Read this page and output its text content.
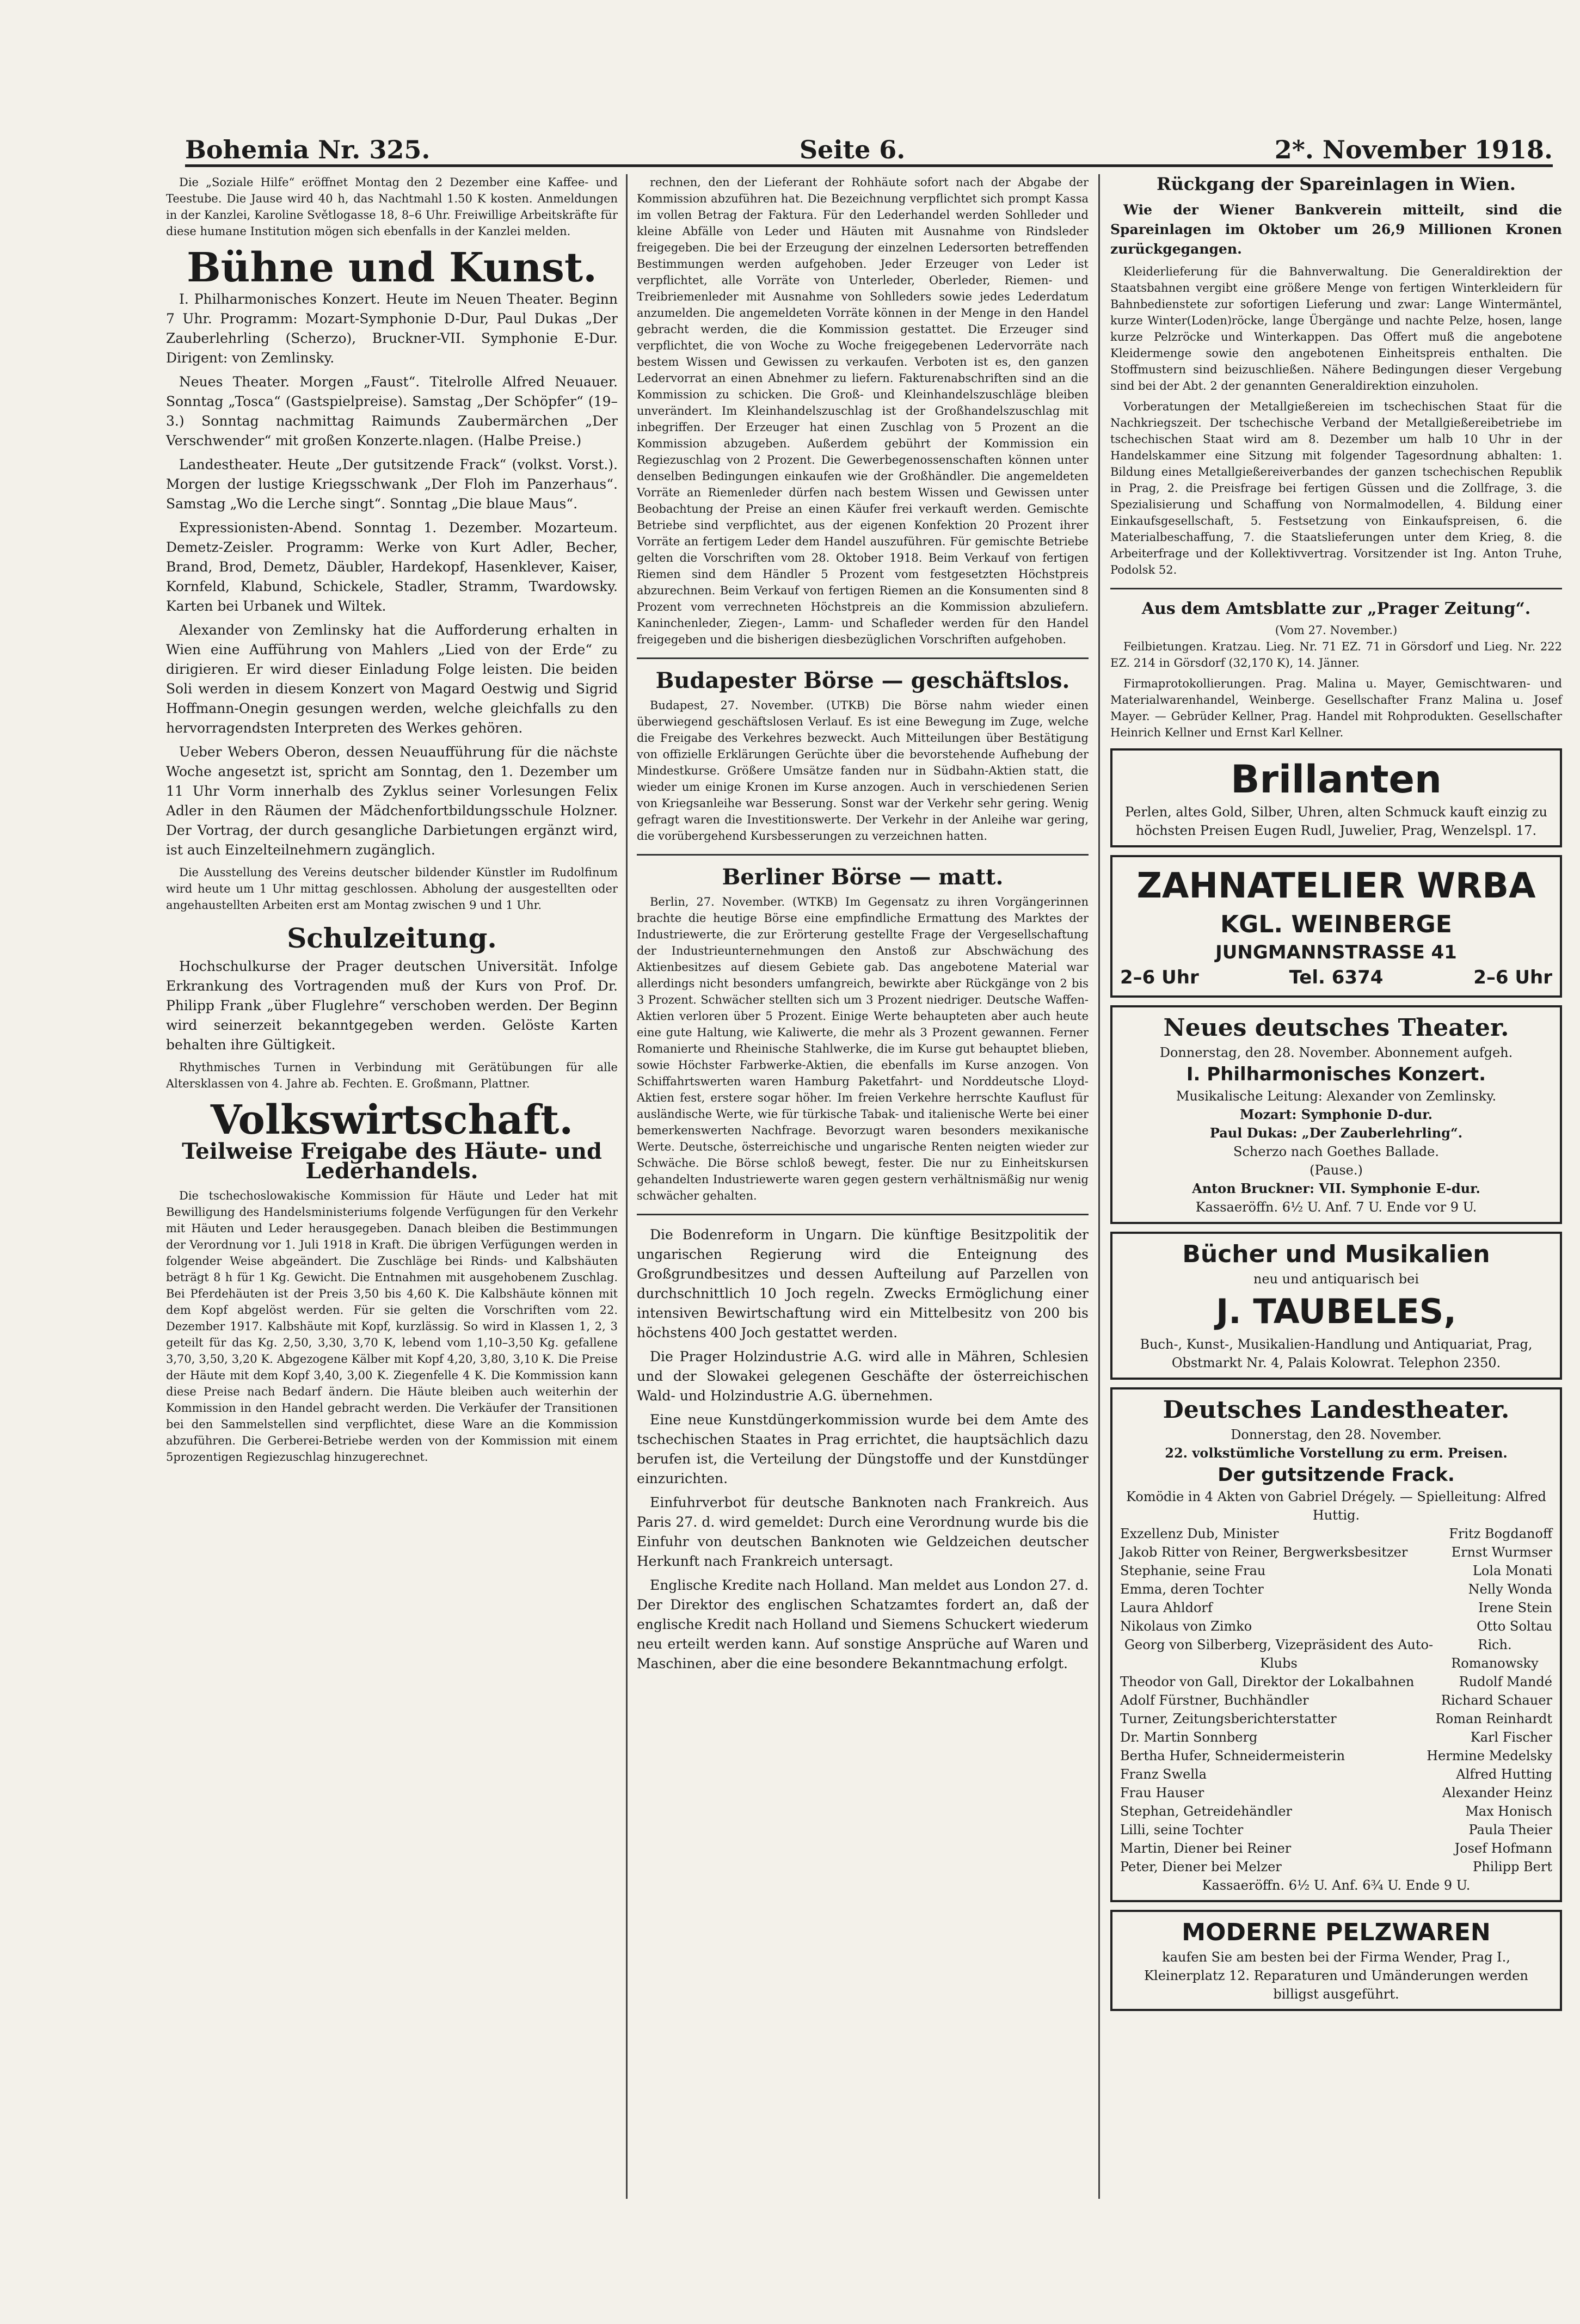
Bohemia Nr. 325.	Seite 6.	2*. November 1918.

Die „Soziale Hilfe“ eröffnet Montag den 2 Dezember eine Kaffee- und Teestube. Die Jause wird 40 h, das Nachtmahl 1.50 K kosten. Anmeldungen in der Kanzlei, Karoline Světlogasse 18, 8–6 Uhr. Freiwillige Arbeitskräfte für diese humane Institution mögen sich ebenfalls in der Kanzlei melden.

Bühne und Kunst.

I. Philharmonisches Konzert. Heute im Neuen Theater. Beginn 7 Uhr. Programm: Mozart-Symphonie D-Dur, Paul Dukas „Der Zauberlehrling (Scherzo), Bruckner-VII. Symphonie E-Dur. Dirigent: von Zemlinsky.

Neues Theater. Morgen „Faust“. Titelrolle Alfred Neuauer. Sonntag „Tosca“ (Gastspielpreise). Samstag „Der Schöpfer“ (19–3.) Sonntag nachmittag Raimunds Zaubermärchen „Der Verschwender“ mit großen Konzerte.nlagen. (Halbe Preise.)

Landestheater. Heute „Der gutsitzende Frack“ (volkst. Vorst.). Morgen der lustige Kriegsschwank „Der Floh im Panzerhaus“. Samstag „Wo die Lerche singt“. Sonntag „Die blaue Maus“.

Expressionisten-Abend. Sonntag 1. Dezember. Mozarteum. Demetz-Zeisler. Programm: Werke von Kurt Adler, Becher, Brand, Brod, Demetz, Däubler, Hardekopf, Hasenklever, Kaiser, Kornfeld, Klabund, Schickele, Stadler, Stramm, Twardowsky. Karten bei Urbanek und Wiltek.

Alexander von Zemlinsky hat die Aufforderung erhalten in Wien eine Aufführung von Mahlers „Lied von der Erde“ zu dirigieren. Er wird dieser Einladung Folge leisten. Die beiden Soli werden in diesem Konzert von Magard Oestwig und Sigrid Hoffmann-Onegin gesungen werden, welche gleichfalls zu den hervorragendsten Interpreten des Werkes gehören.

Ueber Webers Oberon, dessen Neuaufführung für die nächste Woche angesetzt ist, spricht am Sonntag, den 1. Dezember um 11 Uhr Vorm innerhalb des Zyklus seiner Vorlesungen Felix Adler in den Räumen der Mädchenfortbildungsschule Holzner. Der Vortrag, der durch gesangliche Darbietungen ergänzt wird, ist auch Einzelteilnehmern zugänglich.

Die Ausstellung des Vereins deutscher bildender Künstler im Rudolfinum wird heute um 1 Uhr mittag geschlossen. Abholung der ausgestellten oder angehaustellten Arbeiten erst am Montag zwischen 9 und 1 Uhr.

Schulzeitung.

Hochschulkurse der Prager deutschen Universität. Infolge Erkrankung des Vortragenden muß der Kurs von Prof. Dr. Philipp Frank „über Fluglehre“ verschoben werden. Der Beginn wird seinerzeit bekanntgegeben werden. Gelöste Karten behalten ihre Gültigkeit.

Rhythmisches Turnen in Verbindung mit Gerätübungen für alle Altersklassen von 4. Jahre ab. Fechten. E. Großmann, Plattner.

Volkswirtschaft.
Teilweise Freigabe des Häute- und Lederhandels.

Die tschechoslowakische Kommission für Häute und Leder hat mit Bewilligung des Handelsministeriums folgende Verfügungen für den Verkehr mit Häuten und Leder herausgegeben. Danach bleiben die Bestimmungen der Verordnung vor 1. Juli 1918 in Kraft. Die übrigen Verfügungen werden in folgender Weise abgeändert. Die Zuschläge bei Rinds- und Kalbshäuten beträgt 8 h für 1 Kg. Gewicht. Die Entnahmen mit ausgehobenem Zuschlag. Bei Pferdehäuten ist der Preis 3,50 bis 4,60 K. Die Kalbshäute können mit dem Kopf abgelöst werden. Für sie gelten die Vorschriften vom 22. Dezember 1917. Kalbshäute mit Kopf, kurzlässig. So wird in Klassen 1, 2, 3 geteilt für das Kg. 2,50, 3,30, 3,70 K, lebend vom 1,10–3,50 Kg. gefallene 3,70, 3,50, 3,20 K. Abgezogene Kälber mit Kopf 4,20, 3,80, 3,10 K. Die Preise der Häute mit dem Kopf 3,40, 3,00 K. Ziegenfelle 4 K. Die Kommission kann diese Preise nach Bedarf ändern. Die Häute bleiben auch weiterhin der Kommission in den Handel gebracht werden. Die Verkäufer der Transitionen bei den Sammelstellen sind verpflichtet, diese Ware an die Kommission abzuführen. Die Gerberei-Betriebe werden von der Kommission mit einem 5prozentigen Regiezuschlag hinzugerechnet.

rechnen, den der Lieferant der Rohhäute sofort nach der Abgabe der Kommission abzuführen hat. Die Bezeichnung verpflichtet sich prompt Kassa im vollen Betrag der Faktura. Für den Lederhandel werden Sohlleder und kleine Abfälle von Leder und Häuten mit Ausnahme von Rindsleder freigegeben. Die bei der Erzeugung der einzelnen Ledersorten betreffenden Bestimmungen werden aufgehoben. Jeder Erzeuger von Leder ist verpflichtet, alle Vorräte von Unterleder, Oberleder, Riemen- und Treibriemenleder mit Ausnahme von Sohlleders sowie jedes Lederdatum anzumelden. Die angemeldeten Vorräte können in der Menge in den Handel gebracht werden, die die Kommission gestattet. Die Erzeuger sind verpflichtet, die von Woche zu Woche freigegebenen Ledervorräte nach bestem Wissen und Gewissen zu verkaufen. Verboten ist es, den ganzen Ledervorrat an einen Abnehmer zu liefern. Fakturenabschriften sind an die Kommission zu schicken. Die Groß- und Kleinhandelszuschläge bleiben unverändert. Im Kleinhandelszuschlag ist der Großhandelszuschlag mit inbegriffen. Der Erzeuger hat einen Zuschlag von 5 Prozent an die Kommission abzugeben. Außerdem gebührt der Kommission ein Regiezuschlag von 2 Prozent. Die Gewerbegenossenschaften können unter denselben Bedingungen einkaufen wie der Großhändler. Die angemeldeten Vorräte an Riemenleder dürfen nach bestem Wissen und Gewissen unter Beobachtung der Preise an einen Käufer frei verkauft werden. Gemischte Betriebe sind verpflichtet, aus der eigenen Konfektion 20 Prozent ihrer Vorräte an fertigem Leder dem Handel auszuführen. Für gemischte Betriebe gelten die Vorschriften vom 28. Oktober 1918. Beim Verkauf von fertigen Riemen sind dem Händler 5 Prozent vom festgesetzten Höchstpreis abzurechnen. Beim Verkauf von fertigen Riemen an die Konsumenten sind 8 Prozent vom verrechneten Höchstpreis an die Kommission abzuliefern. Kaninchenleder, Ziegen-, Lamm- und Schafleder werden für den Handel freigegeben und die bisherigen diesbezüglichen Vorschriften aufgehoben.

Budapester Börse — geschäftslos.

Budapest, 27. November. (UTKB) Die Börse nahm wieder einen überwiegend geschäftslosen Verlauf. Es ist eine Bewegung im Zuge, welche die Freigabe des Verkehres bezweckt. Auch Mitteilungen über Bestätigung von offizielle Erklärungen Gerüchte über die bevorstehende Aufhebung der Mindestkurse. Größere Umsätze fanden nur in Südbahn-Aktien statt, die wieder um einige Kronen im Kurse anzogen. Auch in verschiedenen Serien von Kriegsanleihe war Besserung. Sonst war der Verkehr sehr gering. Wenig gefragt waren die Investitionswerte. Der Verkehr in der Anleihe war gering, die vorübergehend Kursbesserungen zu verzeichnen hatten.

Berliner Börse — matt.

Berlin, 27. November. (WTKB) Im Gegensatz zu ihren Vorgängerinnen brachte die heutige Börse eine empfindliche Ermattung des Marktes der Industriewerte, die zur Erörterung gestellte Frage der Vergesellschaftung der Industrieunternehmungen den Anstoß zur Abschwächung des Aktienbesitzes auf diesem Gebiete gab. Das angebotene Material war allerdings nicht besonders umfangreich, bewirkte aber Rückgänge von 2 bis 3 Prozent. Schwächer stellten sich um 3 Prozent niedriger. Deutsche Waffen-Aktien verloren über 5 Prozent. Einige Werte behaupteten aber auch heute eine gute Haltung, wie Kaliwerte, die mehr als 3 Prozent gewannen. Ferner Romanierte und Rheinische Stahlwerke, die im Kurse gut behauptet blieben, sowie Höchster Farbwerke-Aktien, die ebenfalls im Kurse anzogen. Von Schiffahrtswerten waren Hamburg Paketfahrt- und Norddeutsche Lloyd-Aktien fest, erstere sogar höher. Im freien Verkehre herrschte Kauflust für ausländische Werte, wie für türkische Tabak- und italienische Werte bei einer bemerkenswerten Nachfrage. Bevorzugt waren besonders mexikanische Werte. Deutsche, österreichische und ungarische Renten neigten wieder zur Schwäche. Die Börse schloß bewegt, fester. Die nur zu Einheitskursen gehandelten Industriewerte waren gegen gestern verhältnismäßig nur wenig schwächer gehalten.

Die Bodenreform in Ungarn. Die künftige Besitzpolitik der ungarischen Regierung wird die Enteignung des Großgrundbesitzes und dessen Aufteilung auf Parzellen von durchschnittlich 10 Joch regeln. Zwecks Ermöglichung einer intensiven Bewirtschaftung wird ein Mittelbesitz von 200 bis höchstens 400 Joch gestattet werden.

Die Prager Holzindustrie A.G. wird alle in Mähren, Schlesien und der Slowakei gelegenen Geschäfte der österreichischen Wald- und Holzindustrie A.G. übernehmen.

Eine neue Kunstdüngerkommission wurde bei dem Amte des tschechischen Staates in Prag errichtet, die hauptsächlich dazu berufen ist, die Verteilung der Düngstoffe und der Kunstdünger einzurichten.

Einfuhrverbot für deutsche Banknoten nach Frankreich. Aus Paris 27. d. wird gemeldet: Durch eine Verordnung wurde bis die Einfuhr von deutschen Banknoten wie Geldzeichen deutscher Herkunft nach Frankreich untersagt.

Englische Kredite nach Holland. Man meldet aus London 27. d. Der Direktor des englischen Schatzamtes fordert an, daß der englische Kredit nach Holland und Siemens Schuckert wiederum neu erteilt werden kann. Auf sonstige Ansprüche auf Waren und Maschinen, aber die eine besondere Bekanntmachung erfolgt.

Rückgang der Spareinlagen in Wien.

Wie der Wiener Bankverein mitteilt, sind die Spareinlagen im Oktober um 26,9 Millionen Kronen zurückgegangen.

Kleiderlieferung für die Bahnverwaltung. Die Generaldirektion der Staatsbahnen vergibt eine größere Menge von fertigen Winterkleidern für Bahnbedienstete zur sofortigen Lieferung und zwar: Lange Wintermäntel, kurze Winter(Loden)röcke, lange Übergänge und nachte Pelze, hosen, lange kurze Pelzröcke und Winterkappen. Das Offert muß die angebotene Kleidermenge sowie den angebotenen Einheitspreis enthalten. Die Stoffmustern sind beizuschließen. Nähere Bedingungen dieser Vergebung sind bei der Abt. 2 der genannten Generaldirektion einzuholen.

Vorberatungen der Metallgießereien im tschechischen Staat für die Nachkriegszeit. Der tschechische Verband der Metallgießereibetriebe im tschechischen Staat wird am 8. Dezember um halb 10 Uhr in der Handelskammer eine Sitzung mit folgender Tagesordnung abhalten: 1. Bildung eines Metallgießereiverbandes der ganzen tschechischen Republik in Prag, 2. die Preisfrage bei fertigen Güssen und die Zollfrage, 3. die Spezialisierung und Schaffung von Normalmodellen, 4. Bildung einer Einkaufsgesellschaft, 5. Festsetzung von Einkaufspreisen, 6. die Materialbeschaffung, 7. die Staatslieferungen unter dem Krieg, 8. die Arbeiterfrage und der Kollektivvertrag. Vorsitzender ist Ing. Anton Truhe, Podolsk 52.

Aus dem Amtsblatte zur „Prager Zeitung“.
(Vom 27. November.)

Feilbietungen. Kratzau. Lieg. Nr. 71 EZ. 71 in Görsdorf und Lieg. Nr. 222 EZ. 214 in Görsdorf (32,170 K), 14. Jänner.

Firmaprotokollierungen. Prag. Malina u. Mayer, Gemischtwaren- und Materialwarenhandel, Weinberge. Gesellschafter Franz Malina u. Josef Mayer. — Gebrüder Kellner, Prag. Handel mit Rohprodukten. Gesellschafter Heinrich Kellner und Ernst Karl Kellner.

Brillanten
Perlen, altes Gold, Silber, Uhren, alten Schmuck kauft einzig zu höchsten Preisen Eugen Rudl, Juwelier, Prag, Wenzelspl. 17.
ZAHNATELIER WRBA
KGL. WEINBERGE
JUNGMANNSTRASSE 41
2–6 Uhr	Tel. 6374	2–6 Uhr
Neues deutsches Theater.
Donnerstag, den 28. November. Abonnement aufgeh.
I. Philharmonisches Konzert.
Musikalische Leitung: Alexander von Zemlinsky.
Mozart: Symphonie D-dur.
Paul Dukas: „Der Zauberlehrling“.
Scherzo nach Goethes Ballade.
(Pause.)
Anton Bruckner: VII. Symphonie E-dur.
Kassaeröffn. 6½ U. Anf. 7 U. Ende vor 9 U.
Bücher und Musikalien
neu und antiquarisch bei
J. TAUBELES,
Buch-, Kunst-, Musikalien-Handlung und Antiquariat, Prag, Obstmarkt Nr. 4, Palais Kolowrat. Telephon 2350.
Deutsches Landestheater.
Donnerstag, den 28. November.
22. volkstümliche Vorstellung zu erm. Preisen.
Der gutsitzende Frack.
Komödie in 4 Akten von Gabriel Drégely. — Spielleitung: Alfred Huttig.
Exzellenz Dub, Minister	Fritz Bogdanoff
Jakob Ritter von Reiner, Bergwerksbesitzer	Ernst Wurmser
Stephanie, seine Frau	Lola Monati
Emma, deren Tochter	Nelly Wonda
Laura Ahldorf	Irene Stein
Nikolaus von Zimko	Otto Soltau
Georg von Silberberg, Vizepräsident des Auto-Klubs
Rich. Romanowsky
Theodor von Gall, Direktor der Lokalbahnen	Rudolf Mandé
Adolf Fürstner, Buchhändler	Richard Schauer
Turner, Zeitungsberichterstatter	Roman Reinhardt
Dr. Martin Sonnberg	Karl Fischer
Bertha Hufer, Schneidermeisterin	Hermine Medelsky
Franz Swella	Alfred Hutting
Frau Hauser	Alexander Heinz
Stephan, Getreidehändler	Max Honisch
Lilli, seine Tochter	Paula Theier
Martin, Diener bei Reiner	Josef Hofmann
Peter, Diener bei Melzer	Philipp Bert
Kassaeröffn. 6½ U. Anf. 6¾ U. Ende 9 U.
MODERNE PELZWAREN
kaufen Sie am besten bei der Firma Wender, Prag I., Kleinerplatz 12. Reparaturen und Umänderungen werden billigst ausgeführt.
